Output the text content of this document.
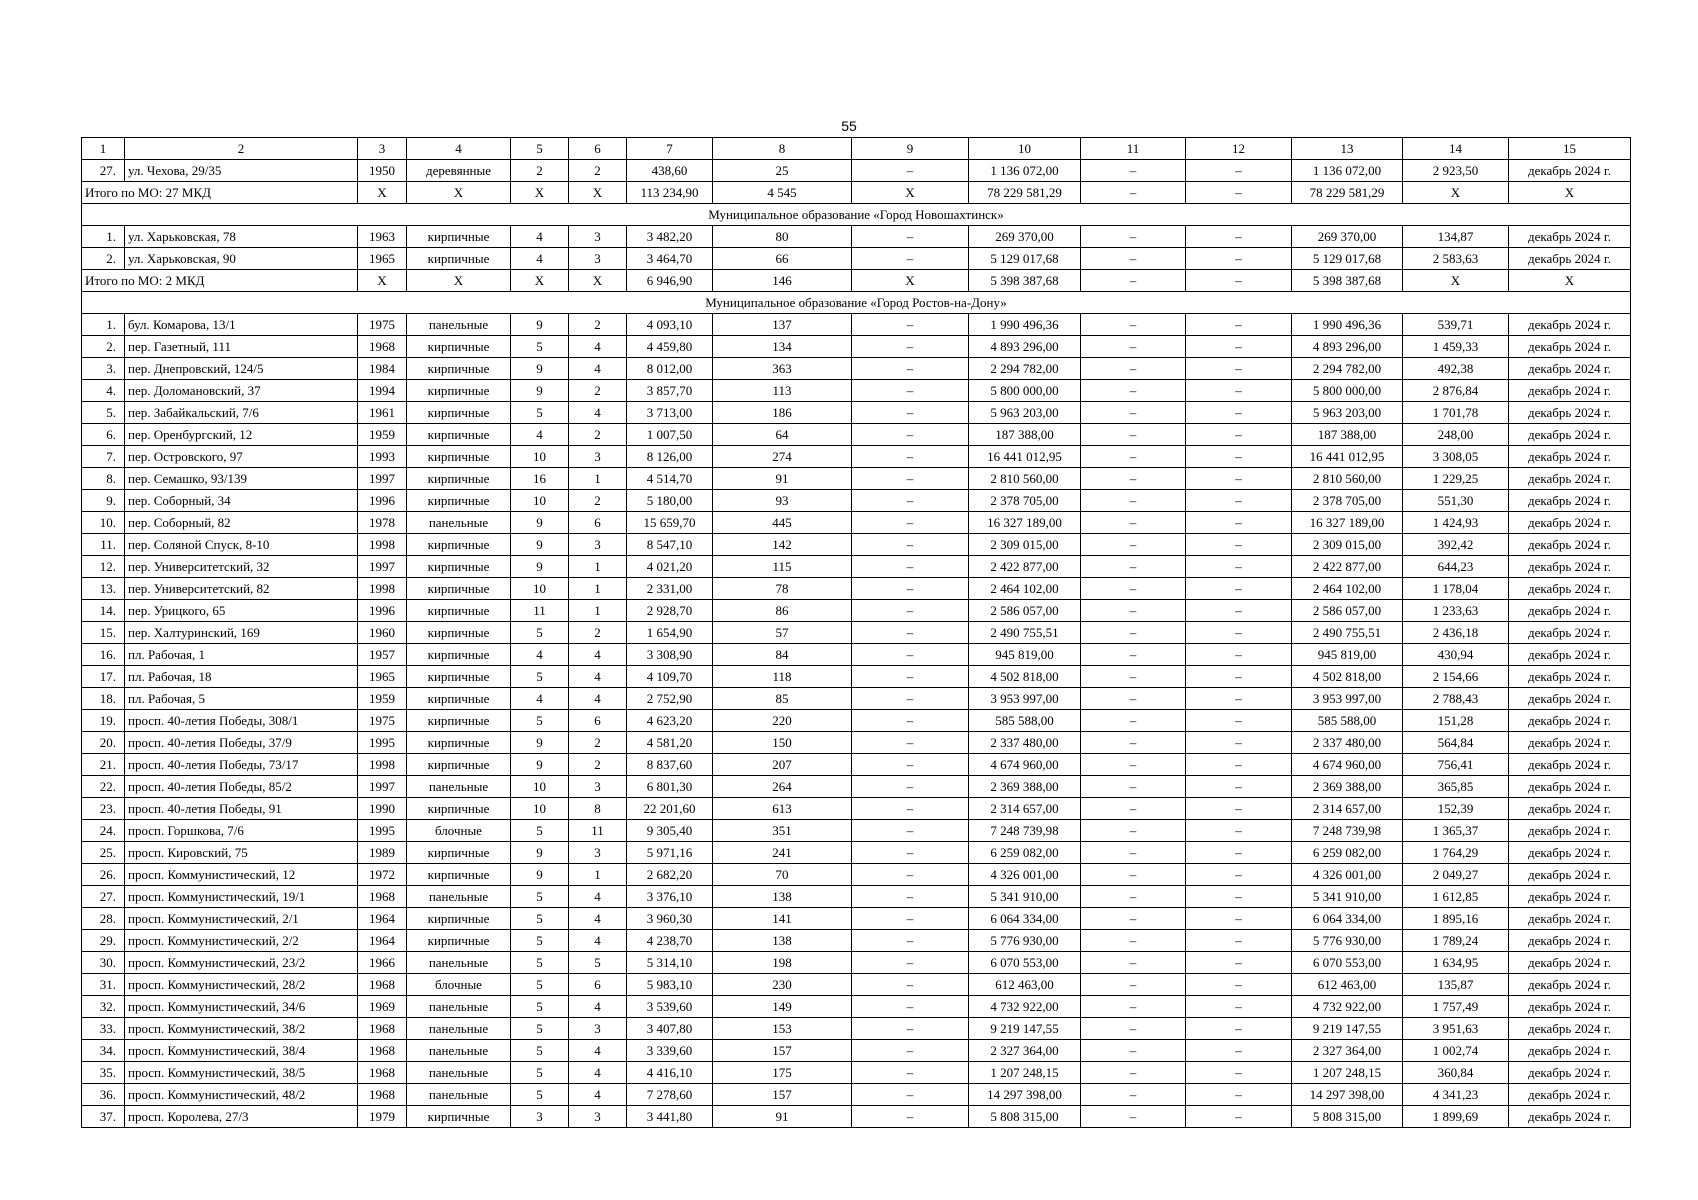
55
1	2	3	4	5	6	7	8	9	10	11	12	13	14	15
27.	ул. Чехова, 29/35	1950	деревянные	2	2	438,60	25	–	1 136 072,00	–	–	1 136 072,00	2 923,50	декабрь 2024 г.
Итого по МО: 27 МКД		X	X	X	X	113 234,90	4 545	X	78 229 581,29	–	–	78 229 581,29	X	X
Муниципальное образование «Город Новошахтинск»														
1.	ул. Харьковская, 78	1963	кирпичные	4	3	3 482,20	80	–	269 370,00	–	–	269 370,00	134,87	декабрь 2024 г.
2.	ул. Харьковская, 90	1965	кирпичные	4	3	3 464,70	66	–	5 129 017,68	–	–	5 129 017,68	2 583,63	декабрь 2024 г.
Итого по МО: 2 МКД		X	X	X	X	6 946,90	146	X	5 398 387,68	–	–	5 398 387,68	X	X
Муниципальное образование «Город Ростов-на-Дону»														
1.	бул. Комарова, 13/1	1975	панельные	9	2	4 093,10	137	–	1 990 496,36	–	–	1 990 496,36	539,71	декабрь 2024 г.
2.	пер. Газетный, 111	1968	кирпичные	5	4	4 459,80	134	–	4 893 296,00	–	–	4 893 296,00	1 459,33	декабрь 2024 г.
3.	пер. Днепровский, 124/5	1984	кирпичные	9	4	8 012,00	363	–	2 294 782,00	–	–	2 294 782,00	492,38	декабрь 2024 г.
4.	пер. Доломановский, 37	1994	кирпичные	9	2	3 857,70	113	–	5 800 000,00	–	–	5 800 000,00	2 876,84	декабрь 2024 г.
5.	пер. Забайкальский, 7/6	1961	кирпичные	5	4	3 713,00	186	–	5 963 203,00	–	–	5 963 203,00	1 701,78	декабрь 2024 г.
6.	пер. Оренбургский, 12	1959	кирпичные	4	2	1 007,50	64	–	187 388,00	–	–	187 388,00	248,00	декабрь 2024 г.
7.	пер. Островского, 97	1993	кирпичные	10	3	8 126,00	274	–	16 441 012,95	–	–	16 441 012,95	3 308,05	декабрь 2024 г.
8.	пер. Семашко, 93/139	1997	кирпичные	16	1	4 514,70	91	–	2 810 560,00	–	–	2 810 560,00	1 229,25	декабрь 2024 г.
9.	пер. Соборный, 34	1996	кирпичные	10	2	5 180,00	93	–	2 378 705,00	–	–	2 378 705,00	551,30	декабрь 2024 г.
10.	пер. Соборный, 82	1978	панельные	9	6	15 659,70	445	–	16 327 189,00	–	–	16 327 189,00	1 424,93	декабрь 2024 г.
11.	пер. Соляной Спуск, 8-10	1998	кирпичные	9	3	8 547,10	142	–	2 309 015,00	–	–	2 309 015,00	392,42	декабрь 2024 г.
12.	пер. Университетский, 32	1997	кирпичные	9	1	4 021,20	115	–	2 422 877,00	–	–	2 422 877,00	644,23	декабрь 2024 г.
13.	пер. Университетский, 82	1998	кирпичные	10	1	2 331,00	78	–	2 464 102,00	–	–	2 464 102,00	1 178,04	декабрь 2024 г.
14.	пер. Урицкого, 65	1996	кирпичные	11	1	2 928,70	86	–	2 586 057,00	–	–	2 586 057,00	1 233,63	декабрь 2024 г.
15.	пер. Халтуринский, 169	1960	кирпичные	5	2	1 654,90	57	–	2 490 755,51	–	–	2 490 755,51	2 436,18	декабрь 2024 г.
16.	пл. Рабочая, 1	1957	кирпичные	4	4	3 308,90	84	–	945 819,00	–	–	945 819,00	430,94	декабрь 2024 г.
17.	пл. Рабочая, 18	1965	кирпичные	5	4	4 109,70	118	–	4 502 818,00	–	–	4 502 818,00	2 154,66	декабрь 2024 г.
18.	пл. Рабочая, 5	1959	кирпичные	4	4	2 752,90	85	–	3 953 997,00	–	–	3 953 997,00	2 788,43	декабрь 2024 г.
19.	просп. 40-летия Победы, 308/1	1975	кирпичные	5	6	4 623,20	220	–	585 588,00	–	–	585 588,00	151,28	декабрь 2024 г.
20.	просп. 40-летия Победы, 37/9	1995	кирпичные	9	2	4 581,20	150	–	2 337 480,00	–	–	2 337 480,00	564,84	декабрь 2024 г.
21.	просп. 40-летия Победы, 73/17	1998	кирпичные	9	2	8 837,60	207	–	4 674 960,00	–	–	4 674 960,00	756,41	декабрь 2024 г.
22.	просп. 40-летия Победы, 85/2	1997	панельные	10	3	6 801,30	264	–	2 369 388,00	–	–	2 369 388,00	365,85	декабрь 2024 г.
23.	просп. 40-летия Победы, 91	1990	кирпичные	10	8	22 201,60	613	–	2 314 657,00	–	–	2 314 657,00	152,39	декабрь 2024 г.
24.	просп. Горшкова, 7/6	1995	блочные	5	11	9 305,40	351	–	7 248 739,98	–	–	7 248 739,98	1 365,37	декабрь 2024 г.
25.	просп. Кировский, 75	1989	кирпичные	9	3	5 971,16	241	–	6 259 082,00	–	–	6 259 082,00	1 764,29	декабрь 2024 г.
26.	просп. Коммунистический, 12	1972	кирпичные	9	1	2 682,20	70	–	4 326 001,00	–	–	4 326 001,00	2 049,27	декабрь 2024 г.
27.	просп. Коммунистический, 19/1	1968	панельные	5	4	3 376,10	138	–	5 341 910,00	–	–	5 341 910,00	1 612,85	декабрь 2024 г.
28.	просп. Коммунистический, 2/1	1964	кирпичные	5	4	3 960,30	141	–	6 064 334,00	–	–	6 064 334,00	1 895,16	декабрь 2024 г.
29.	просп. Коммунистический, 2/2	1964	кирпичные	5	4	4 238,70	138	–	5 776 930,00	–	–	5 776 930,00	1 789,24	декабрь 2024 г.
30.	просп. Коммунистический, 23/2	1966	панельные	5	5	5 314,10	198	–	6 070 553,00	–	–	6 070 553,00	1 634,95	декабрь 2024 г.
31.	просп. Коммунистический, 28/2	1968	блочные	5	6	5 983,10	230	–	612 463,00	–	–	612 463,00	135,87	декабрь 2024 г.
32.	просп. Коммунистический, 34/6	1969	панельные	5	4	3 539,60	149	–	4 732 922,00	–	–	4 732 922,00	1 757,49	декабрь 2024 г.
33.	просп. Коммунистический, 38/2	1968	панельные	5	3	3 407,80	153	–	9 219 147,55	–	–	9 219 147,55	3 951,63	декабрь 2024 г.
34.	просп. Коммунистический, 38/4	1968	панельные	5	4	3 339,60	157	–	2 327 364,00	–	–	2 327 364,00	1 002,74	декабрь 2024 г.
35.	просп. Коммунистический, 38/5	1968	панельные	5	4	4 416,10	175	–	1 207 248,15	–	–	1 207 248,15	360,84	декабрь 2024 г.
36.	просп. Коммунистический, 48/2	1968	панельные	5	4	7 278,60	157	–	14 297 398,00	–	–	14 297 398,00	4 341,23	декабрь 2024 г.
37.	просп. Королева, 27/3	1979	кирпичные	3	3	3 441,80	91	–	5 808 315,00	–	–	5 808 315,00	1 899,69	декабрь 2024 г.
